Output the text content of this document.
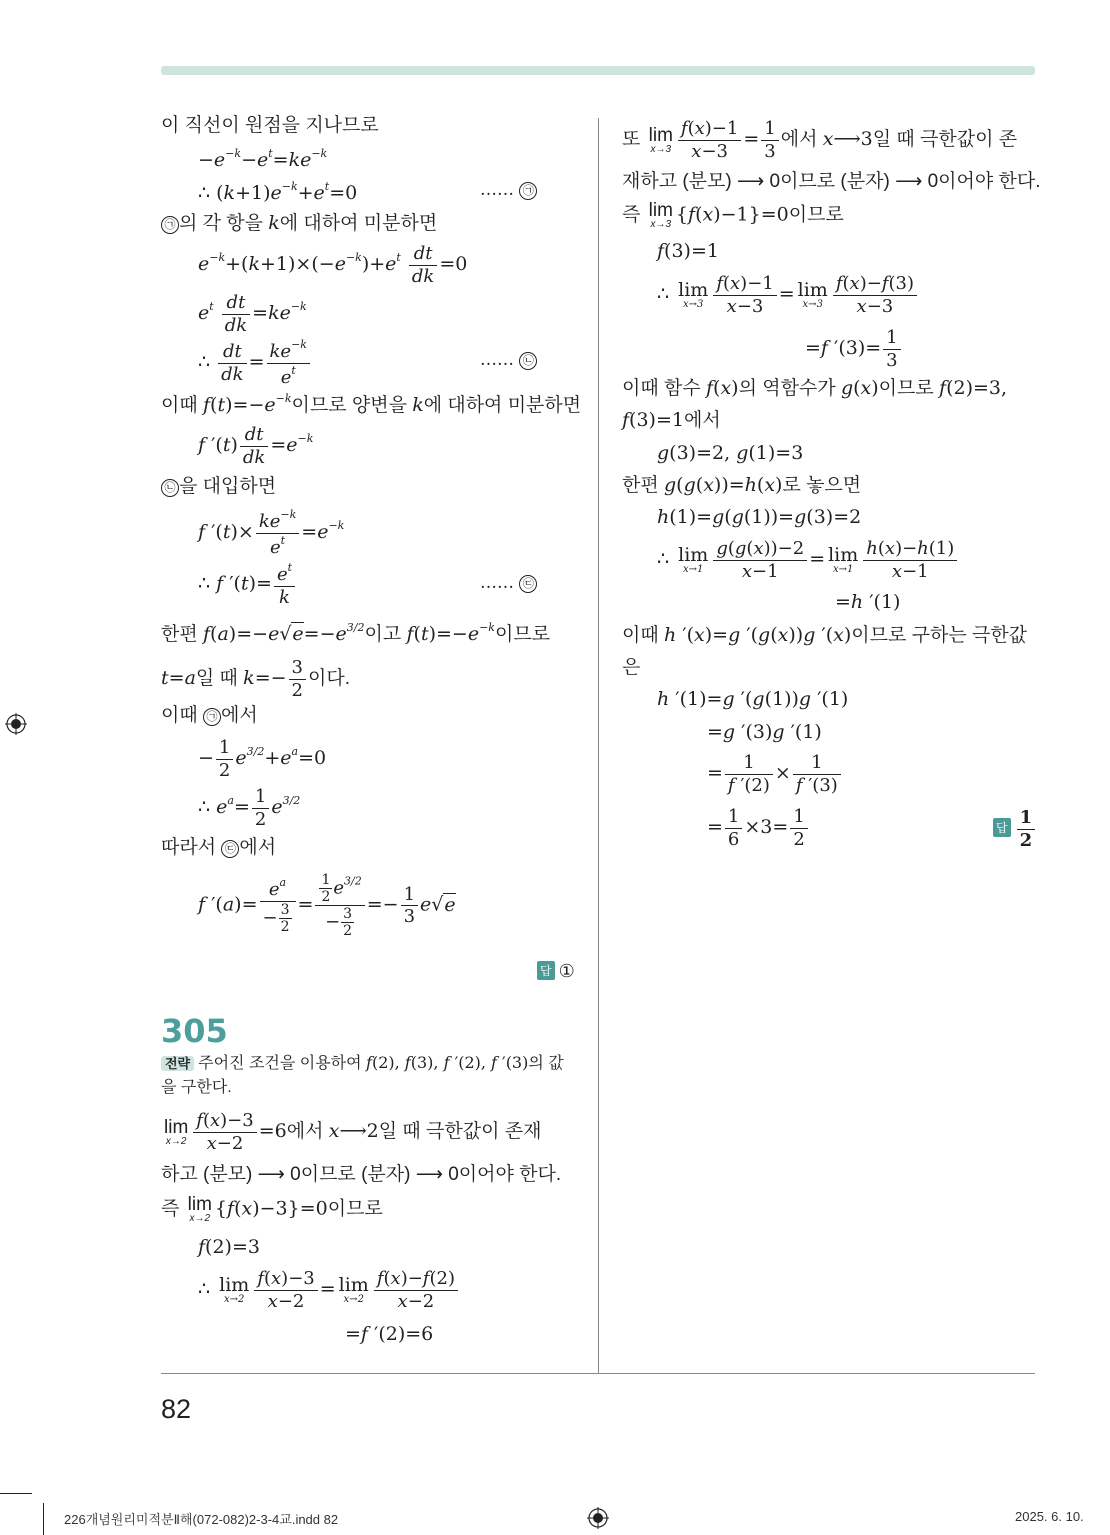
이 직선이 원점을 지나므로
$-e^{-k}-e^t=ke^{-k}$
∴ $(k+1)e^{-k}+e^t=0$	…… ㉠
㉠ 의 각 항을 k에 대하여 미분하면
$e^{-k}+(k+1)\times(-e^{-k})+e^t \frac{dt}{dk} =0$
$e^t \frac{dt}{dk} =ke^{-k}$
∴ $\frac{dt}{dk} = \frac{ke^{-k}}{e^t}$	…… ㉡
이때 $f(t)=-e^{-k}$이므로 양변을 k에 대하여 미분하면
f $'(t) \frac{dt}{dk} =e^{-k}$
㉡ 을 대입하면
f $'(t)\times \frac{ke^{-k}}{e^t} =e^{-k}$
∴ f $'(t)= \frac{e^t}{k}$	…… ㉢
한편 $f(a)=-e√e=-e^{3/2}$이고 $f(t)=-e^{-k}$이므로
t=a일 때 $k=- \frac{3}{2}$ 이다.
이때 ㉠ 에서
− $\frac{1}{2} e^{3/2}+e^a=0$
∴ $e^a= \frac{1}{2} e^{3/2}$
따라서 ㉢ 에서
f $'(a)= \frac{e^a}{- \frac{3}{2}} = \frac{\frac{1}{2} e^{3/2}}{- \frac{3}{2}} =- \frac{1}{3} e√e$
답 ①
305
전략 주어진 조건을 이용하여 f(2), f(3), f ′(2), f ′(3)의 값
을 구한다.
lim
$x\to 2 \frac{f(x)-3}{x-2} =6$에서 x⟶2일 때 극한값이 존재
하고 (분모) ⟶ 0이므로 (분자) ⟶ 0이어야 한다.
즉 lim
x→2 {f(x)−3}=0이므로
f(2)=3
∴ lim
$x\to 2 \frac{f(x)-3}{x-2} = \lim$
$x\to 2 \frac{f(x)-f(2)}{x-2}$
=f ′(2)=6
또 lim
$x\to 3 \frac{f(x)-1}{x-3} = \frac{1}{3}$ 에서 x⟶3일 때 극한값이 존
재하고 (분모) ⟶ 0이므로 (분자) ⟶ 0이어야 한다.
즉 lim
x→3 {f(x)−1}=0이므로
f(3)=1
∴ lim
$x\to 3 \frac{f(x)-1}{x-3} = \lim$
$x\to 3 \frac{f(x)-f(3)}{x-3}$
=f $'(3)= \frac{1}{3}$
이때 함수 f(x)의 역함수가 g(x)이므로 f(2)=3,
f(3)=1에서
g(3)=2, g(1)=3
한편 g(g(x))=h(x)로 놓으면
h(1)=g(g(1))=g(3)=2
∴ lim
$x\to 1 \frac{g(g(x))-2}{x-1} = \lim$
$x\to 1 \frac{h(x)-h(1)}{x-1}$
=h ′(1)
이때 h ′(x)=g ′(g(x))g ′(x)이므로 구하는 극한값
은
h ′(1)=g ′(g(1))g ′(1)
=g ′(3)g ′(1)
= $\frac{1}{f '(2)} \times \frac{1}{f '(3)}$
= $\frac{1}{6} \times 3= \frac{1}{2}$	답 $\frac{1}{2}$
82
226개념원리미적분Ⅱ해(072-082)2-3-4교.indd 82	2025. 6. 10.
